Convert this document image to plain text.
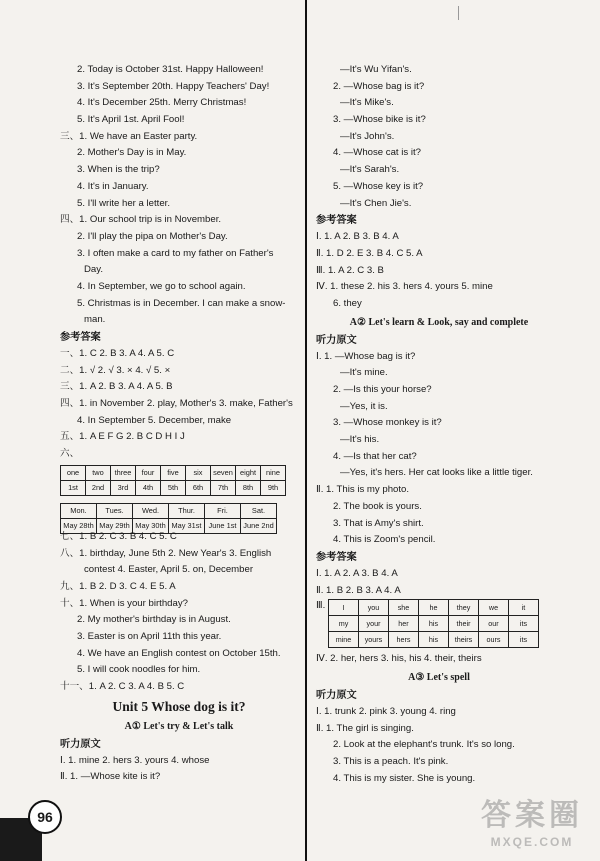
2. Today is October 31st. Happy Halloween!
3. It's September 20th. Happy Teachers' Day!
4. It's December 25th. Merry Christmas!
5. It's April 1st. April Fool!
三、1. We have an Easter party.
2. Mother's Day is in May.
3. When is the trip?
4. It's in January.
5. I'll write her a letter.
四、1. Our school trip is in November.
2. I'll play the pipa on Mother's Day.
3. I often make a card to my father on Father's
Day.
4. In September, we go to school again.
5. Christmas is in December. I can make a snow-
man.
参考答案
一、1. C 2. B 3. A 4. A 5. C
二、1. √ 2. √ 3. × 4. √ 5. ×
三、1. A 2. B 3. A 4. A 5. B
四、1. in November 2. play, Mother's 3. make, Father's
4. In September 5. December, make
五、1. A E F G 2. B C D H I J
六、
one	two	three	four	five	six	seven	eight	nine
1st	2nd	3rd	4th	5th	6th	7th	8th	9th
Mon.	Tues.	Wed.	Thur.	Fri.	Sat.
May 28th	May 29th	May 30th	May 31st	June 1st	June 2nd
七、1. B 2. C 3. B 4. C 5. C
八、1. birthday, June 5th 2. New Year's 3. English
contest 4. Easter, April 5. on, December
九、1. B 2. D 3. C 4. E 5. A
十、1. When is your birthday?
2. My mother's birthday is in August.
3. Easter is on April 11th this year.
4. We have an English contest on October 15th.
5. I will cook noodles for him.
十一、1. A 2. C 3. A 4. B 5. C
Unit 5 Whose dog is it?
A① Let's try & Let's talk
听力原文
Ⅰ. 1. mine 2. hers 3. yours 4. whose
Ⅱ. 1. —Whose kite is it?
—It's Wu Yifan's.
2. —Whose bag is it?
—It's Mike's.
3. —Whose bike is it?
—It's John's.
4. —Whose cat is it?
—It's Sarah's.
5. —Whose key is it?
—It's Chen Jie's.
参考答案
Ⅰ. 1. A 2. B 3. B 4. A
Ⅱ. 1. D 2. E 3. B 4. C 5. A
Ⅲ. 1. A 2. C 3. B
Ⅳ. 1. these 2. his 3. hers 4. yours 5. mine
6. they
A② Let's learn & Look, say and complete
听力原文
Ⅰ. 1. —Whose bag is it?
—It's mine.
2. —Is this your horse?
—Yes, it is.
3. —Whose monkey is it?
—It's his.
4. —Is that her cat?
—Yes, it's hers. Her cat looks like a little tiger.
Ⅱ. 1. This is my photo.
2. The book is yours.
3. That is Amy's shirt.
4. This is Zoom's pencil.
参考答案
Ⅰ. 1. A 2. A 3. B 4. A
Ⅱ. 1. B 2. B 3. A 4. A
Ⅲ.	I	you	she	he	they	we	it
my	your	her	his	their	our	its
mine	yours	hers	his	theirs	ours	its
Ⅳ. 2. her, hers 3. his, his 4. their, theirs
A③ Let's spell
听力原文
Ⅰ. 1. trunk 2. pink 3. young 4. ring
Ⅱ. 1. The girl is singing.
2. Look at the elephant's trunk. It's so long.
3. This is a peach. It's pink.
4. This is my sister. She is young.
96	答案圈
MXQE.COM
